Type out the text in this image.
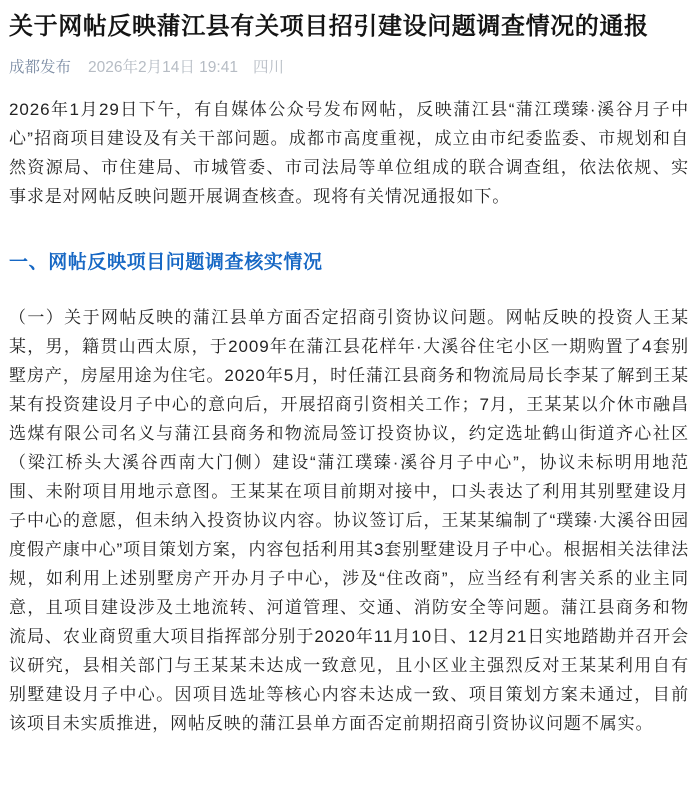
关于网帖反映蒲江县有关项目招引建设问题调查情况的通报
成都发布 2026年2月14日 19:41 四川

2026年1月29日下午，有自媒体公众号发布网帖，反映蒲江县“蒲江璞臻·溪谷月子中心”招商项目建设及有关干部问题。成都市高度重视，成立由市纪委监委、市规划和自然资源局、市住建局、市城管委、市司法局等单位组成的联合调查组，依法依规、实事求是对网帖反映问题开展调查核查。现将有关情况通报如下。

一、网帖反映项目问题调查核实情况

（一）关于网帖反映的蒲江县单方面否定招商引资协议问题。网帖反映的投资人王某某，男，籍贯山西太原，于2009年在蒲江县花样年·大溪谷住宅小区一期购置了4套别墅房产，房屋用途为住宅。2020年5月，时任蒲江县商务和物流局局长李某了解到王某某有投资建设月子中心的意向后，开展招商引资相关工作；7月，王某某以介休市融昌选煤有限公司名义与蒲江县商务和物流局签订投资协议，约定选址鹤山街道齐心社区（梁江桥头大溪谷西南大门侧）建设“蒲江璞臻·溪谷月子中心”，协议未标明用地范围、未附项目用地示意图。王某某在项目前期对接中，口头表达了利用其别墅建设月子中心的意愿，但未纳入投资协议内容。协议签订后，王某某编制了“璞臻·大溪谷田园度假产康中心”项目策划方案，内容包括利用其3套别墅建设月子中心。根据相关法律法规，如利用上述别墅房产开办月子中心，涉及“住改商”，应当经有利害关系的业主同意，且项目建设涉及土地流转、河道管理、交通、消防安全等问题。蒲江县商务和物流局、农业商贸重大项目指挥部分别于2020年11月10日、12月21日实地踏勘并召开会议研究，县相关部门与王某某未达成一致意见，且小区业主强烈反对王某某利用自有别墅建设月子中心。因项目选址等核心内容未达成一致、项目策划方案未通过，目前该项目未实质推进，网帖反映的蒲江县单方面否定前期招商引资协议问题不属实。
